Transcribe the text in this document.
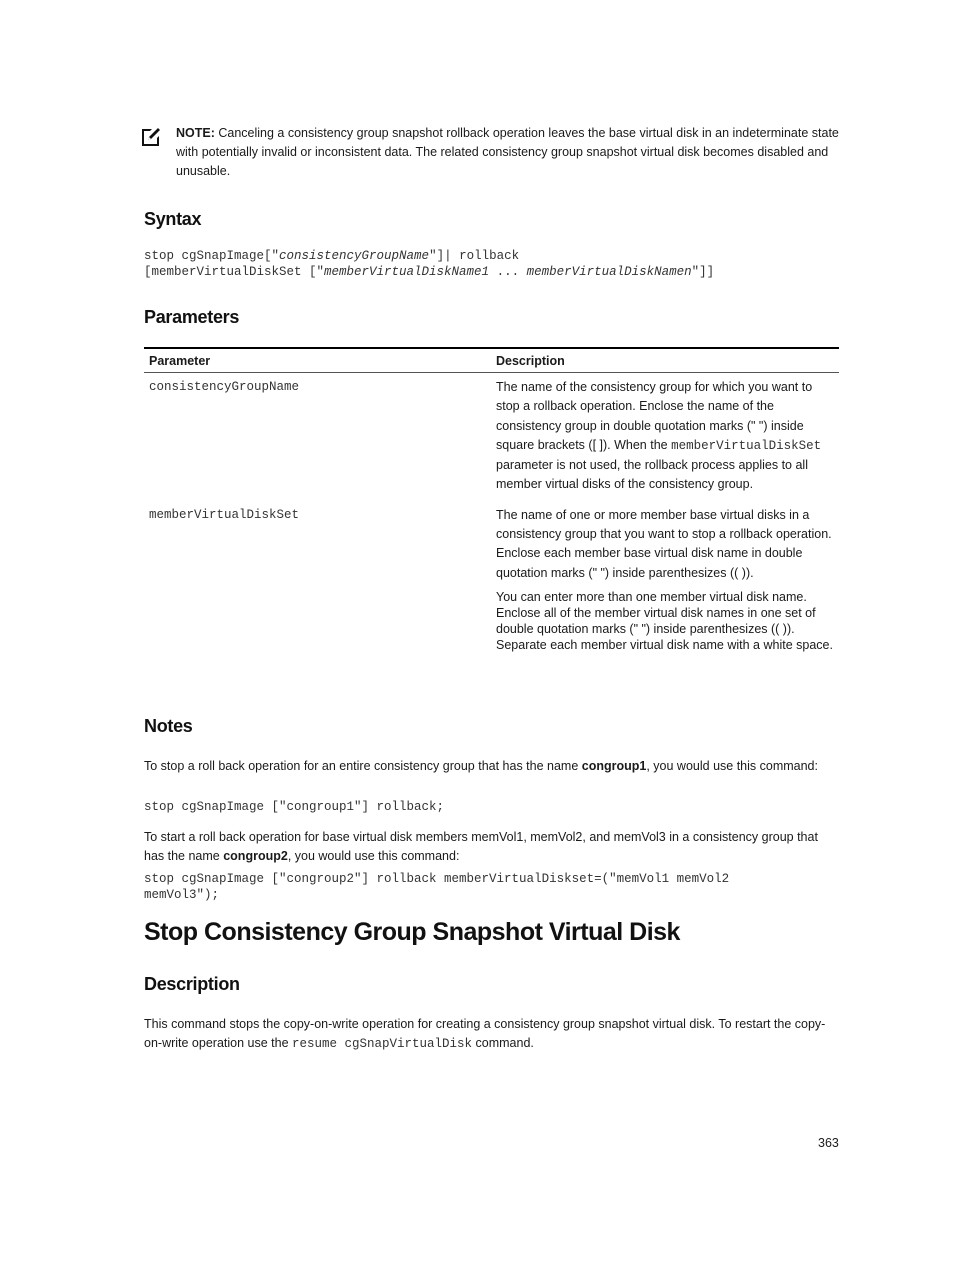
NOTE: Canceling a consistency group snapshot rollback operation leaves the base virtual disk in an indeterminate state with potentially invalid or inconsistent data. The related consistency group snapshot virtual disk becomes disabled and unusable.
Syntax
stop cgSnapImage["consistencyGroupName"]| rollback
[memberVirtualDiskSet ["memberVirtualDiskName1 ... memberVirtualDiskNamen"]]
Parameters
Parameter	Description
consistencyGroupName	The name of the consistency group for which you want to stop a rollback operation. Enclose the name of the consistency group in double quotation marks (" ") inside square brackets ([ ]). When the memberVirtualDiskSet parameter is not used, the rollback process applies to all member virtual disks of the consistency group.

memberVirtualDiskSet	The name of one or more member base virtual disks in a consistency group that you want to stop a rollback operation. Enclose each member base virtual disk name in double quotation marks (" ") inside parenthesizes (( )).

You can enter more than one member virtual disk name. Enclose all of the member virtual disk names in one set of double quotation marks (" ") inside parenthesizes (( )). Separate each member virtual disk name with a white space.

Notes
To stop a roll back operation for an entire consistency group that has the name congroup1, you would use this command:
stop cgSnapImage ["congroup1"] rollback;
To start a roll back operation for base virtual disk members memVol1, memVol2, and memVol3 in a consistency group that has the name congroup2, you would use this command:
stop cgSnapImage ["congroup2"] rollback memberVirtualDiskset=("memVol1 memVol2
memVol3");
Stop Consistency Group Snapshot Virtual Disk
Description
This command stops the copy-on-write operation for creating a consistency group snapshot virtual disk. To restart the copy-on-write operation use the resume cgSnapVirtualDisk command.
363
